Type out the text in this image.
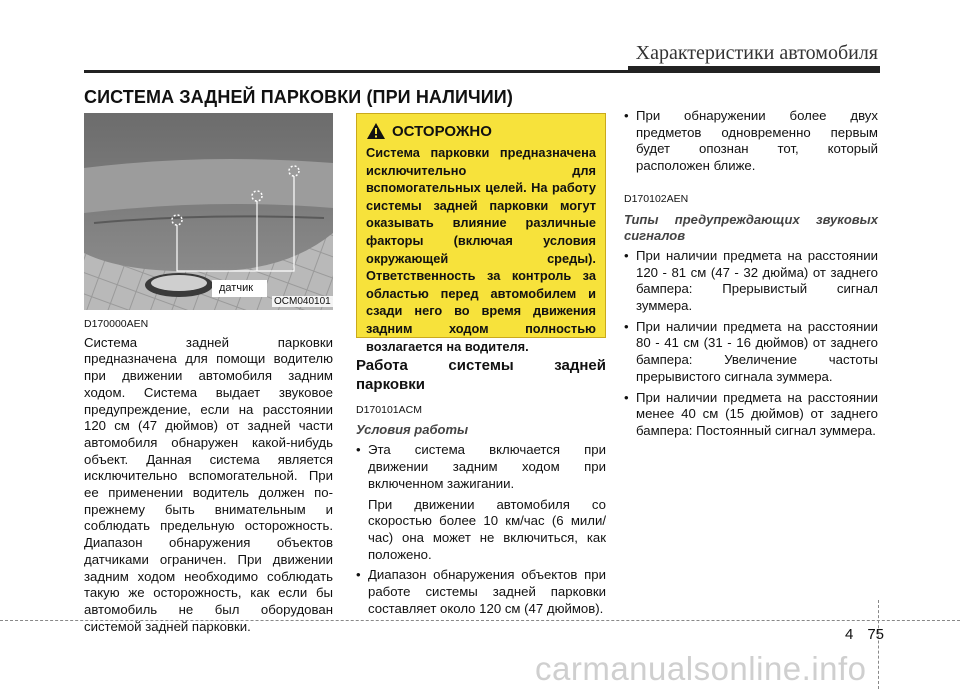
Характеристики автомобиля
СИСТЕМА ЗАДНЕЙ ПАРКОВКИ (ПРИ НАЛИЧИИ)
датчик
OCM040101
D170000AEN
Система задней парковки предназначена для помощи водителю при движении автомобиля задним ходом. Система выдает звуковое предупреждение, если на расстоянии 120 см (47 дюймов) от задней части автомобиля обнаружен какой-нибудь объект. Данная система является исключительно вспомогательной. При ее применении водитель должен по-прежнему быть внимательным и соблюдать предельную осторожность. Диапазон обнаружения объектов датчиками ограничен. При движении задним ходом необходимо соблюдать такую же осторожность, как если бы автомобиль не был оборудован системой задней парковки.
ОСТОРОЖНО
Система парковки предназначена исключительно для вспомогательных целей. На работу системы задней парковки могут оказывать влияние различные факторы (включая условия окружающей среды). Ответственность за контроль за областью перед автомобилем и сзади него во время движения задним ходом полностью возлагается на водителя.
Работа системы задней парковки
D170101ACM
Условия работы
• Эта система включается при движении задним ходом при включенном зажигании.
При движении автомобиля со скоростью более 10 км/час (6 мили/час) она может не включиться, как положено.
• Диапазон обнаружения объектов при работе системы задней парковки составляет около 120 см (47 дюймов).
• При обнаружении более двух предметов одновременно первым будет опознан тот, который расположен ближе.
D170102AEN
Типы предупреждающих звуковых сигналов
• При наличии предмета на расстоянии 120 - 81 см (47 - 32 дюйма) от заднего бампера: Прерывистый сигнал зуммера.
• При наличии предмета на расстоянии 80 - 41 см (31 - 16 дюймов) от заднего бампера: Увеличение частоты прерывистого сигнала зуммера.
• При наличии предмета на расстоянии менее 40 см (15 дюймов) от заднего бампера: Постоянный сигнал зуммера.
4 75
carmanualsonline.info
